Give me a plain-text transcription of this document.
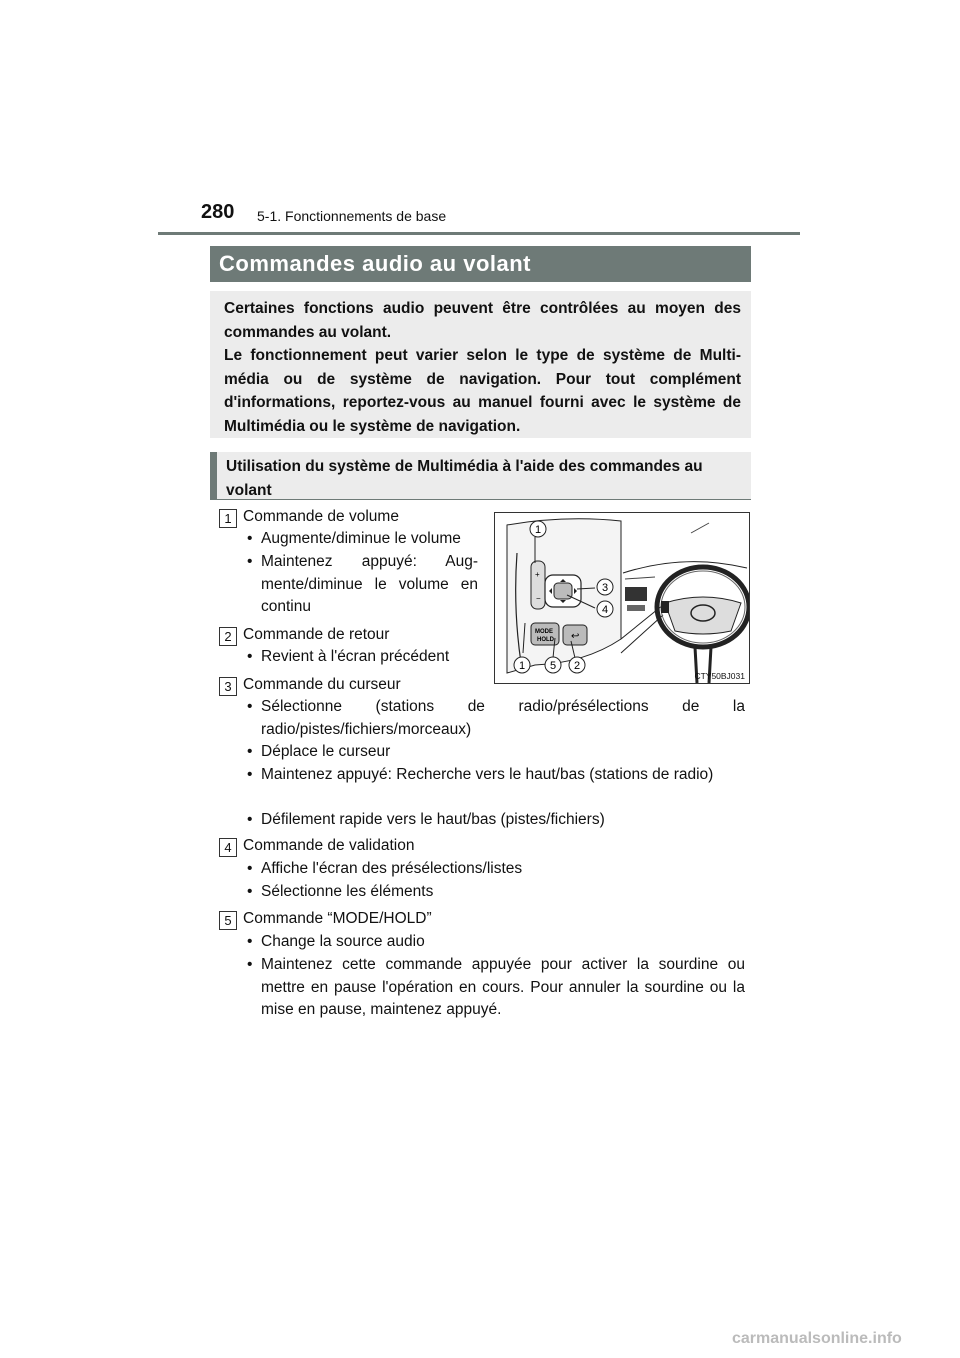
280 5-1. Fonctionnements de base
Commandes audio au volant

Certaines fonctions audio peuvent être contrôlées au moyen des commandes au volant.

Le fonctionnement peut varier selon le type de système de Multi-média ou de système de navigation. Pour tout complément d'informations, reportez-vous au manuel fourni avec le système de Multimédia ou le système de navigation.

Utilisation du système de Multimédia à l'aide des commandes au volant
1 Commande de volume
• Augmente/diminue le volume
• Maintenez appuyé: Aug-mente/diminue le volume en continu
2 Commande de retour
• Revient à l'écran précédent
3 Commande du curseur
• Sélectionne (stations de radio/présélections de la radio/pistes/fichiers/morceaux)
• Déplace le curseur
• Maintenez appuyé: Recherche vers le haut/bas (stations de radio)
• Défilement rapide vers le haut/bas (pistes/fichiers)
4 Commande de validation
• Affiche l'écran des présélections/listes
• Sélectionne les éléments
5 Commande “MODE/HOLD”
• Change la source audio
• Maintenez cette commande appuyée pour activer la sourdine ou mettre en pause l'opération en cours. Pour annuler la sourdine ou la mise en pause, maintenez appuyé.
+
−
MODE
HOLD ↩
1
3
4
1 5 2
CTY50BJ031
carmanualsonline.info
